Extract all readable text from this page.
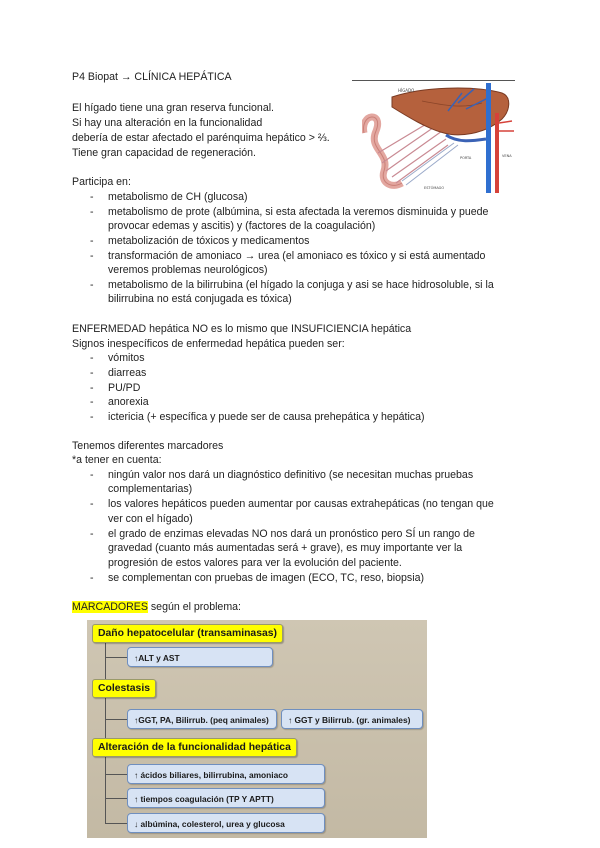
P4 Biopat → CLÍNICA HEPÁTICA
HÍGADO
PORTA	VENA
ESTÓMAGO
El hígado tiene una gran reserva funcional.
Si hay una alteración en la funcionalidad
debería de estar afectado el parénquima hepático > ⅔.
Tiene gran capacidad de regeneración.
Participa en:
- metabolismo de CH (glucosa)
- metabolismo de prote (albúmina, si esta afectada la veremos disminuida y puede
provocar edemas y ascitis) y (factores de la coagulación)
- metabolización de tóxicos y medicamentos
- transformación de amoniaco → urea (el amoniaco es tóxico y si está aumentado
veremos problemas neurológicos)
- metabolismo de la bilirrubina (el hígado la conjuga y asi se hace hidrosoluble, si la
bilirrubina no está conjugada es tóxica)
ENFERMEDAD hepática NO es lo mismo que INSUFICIENCIA hepática
Signos inespecíficos de enfermedad hepática pueden ser:
- vómitos
- diarreas
- PU/PD
- anorexia
- ictericia (+ específica y puede ser de causa prehepática y hepática)
Tenemos diferentes marcadores
*a tener en cuenta:
- ningún valor nos dará un diagnóstico definitivo (se necesitan muchas pruebas
complementarias)
- los valores hepáticos pueden aumentar por causas extrahepáticas (no tengan que
ver con el hígado)
- el grado de enzimas elevadas NO nos dará un pronóstico pero SÍ un rango de
gravedad (cuanto más aumentadas será + grave), es muy importante ver la
progresión de estos valores para ver la evolución del paciente.
- se complementan con pruebas de imagen (ECO, TC, reso, biopsia)
MARCADORES según el problema:
Daño hepatocelular (transaminasas)
↑ALT y AST
Colestasis
↑GGT, PA, Bilirrub. (peq animales)	↑ GGT y Bilirrub. (gr. animales)
Alteración de la funcionalidad hepática
↑ ácidos biliares, bilirrubina, amoniaco
↑ tiempos coagulación (TP Y APTT)
↓ albúmina, colesterol, urea y glucosa
